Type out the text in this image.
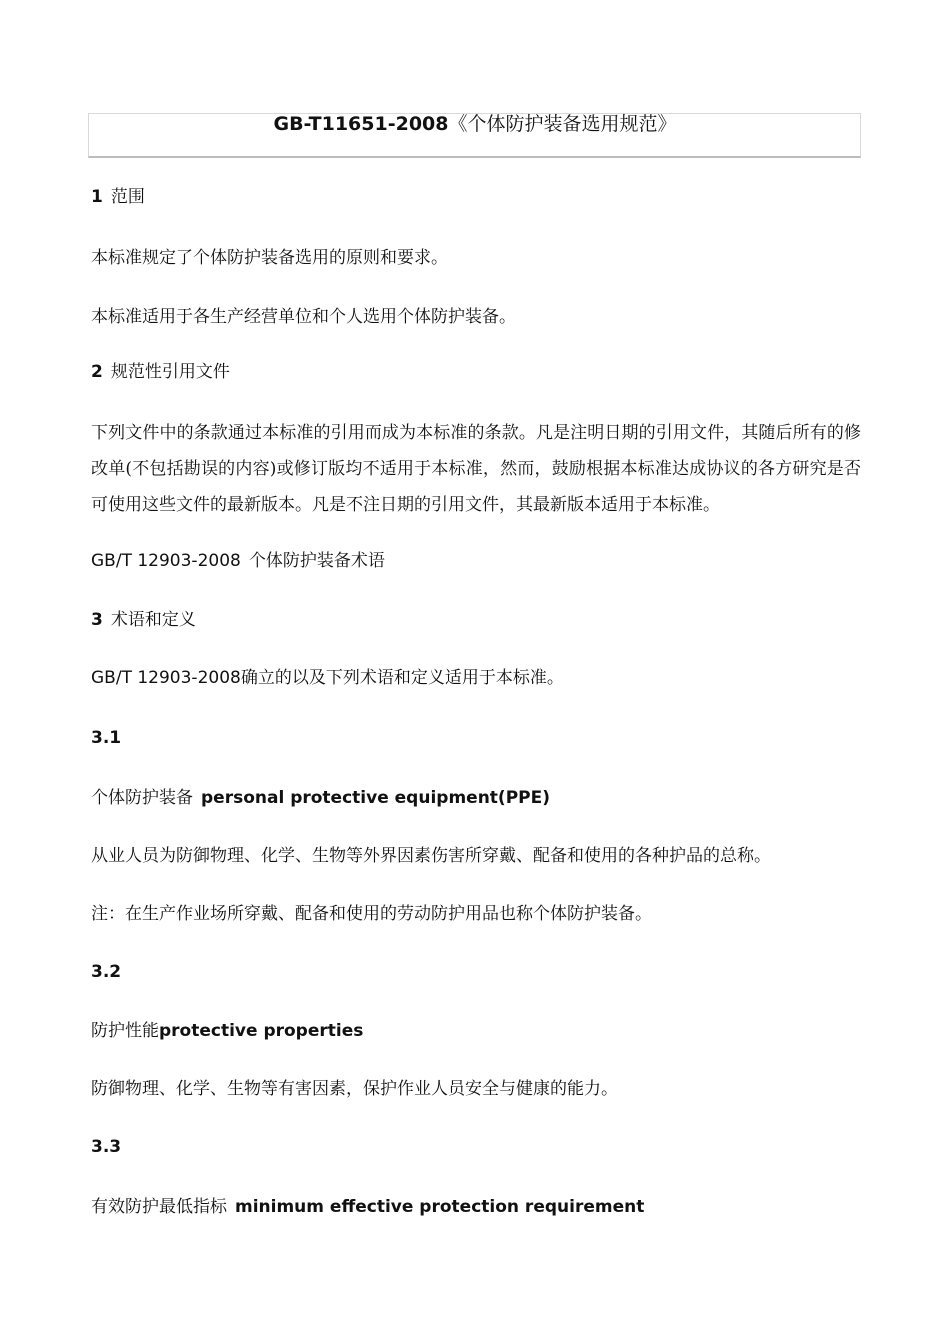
GB-T11651-2008《个体防护装备选用规范》
1 范围
本标准规定了个体防护装备选用的原则和要求。
本标准适用于各生产经营单位和个人选用个体防护装备。
2 规范性引用文件
下列文件中的条款通过本标准的引用而成为本标准的条款。凡是注明日期的引用文件，其随后所有的修改单(不包括勘误的内容)或修订版均不适用于本标准，然而，鼓励根据本标准达成协议的各方研究是否可使用这些文件的最新版本。凡是不注日期的引用文件，其最新版本适用于本标准。
GB/T 12903-2008 个体防护装备术语
3 术语和定义
GB/T 12903-2008确立的以及下列术语和定义适用于本标准。
3.1
个体防护装备 personal protective equipment(PPE)
从业人员为防御物理、化学、生物等外界因素伤害所穿戴、配备和使用的各种护品的总称。
注：在生产作业场所穿戴、配备和使用的劳动防护用品也称个体防护装备。
3.2
防护性能protective properties
防御物理、化学、生物等有害因素，保护作业人员安全与健康的能力。
3.3
有效防护最低指标 minimum effective protection requirement
